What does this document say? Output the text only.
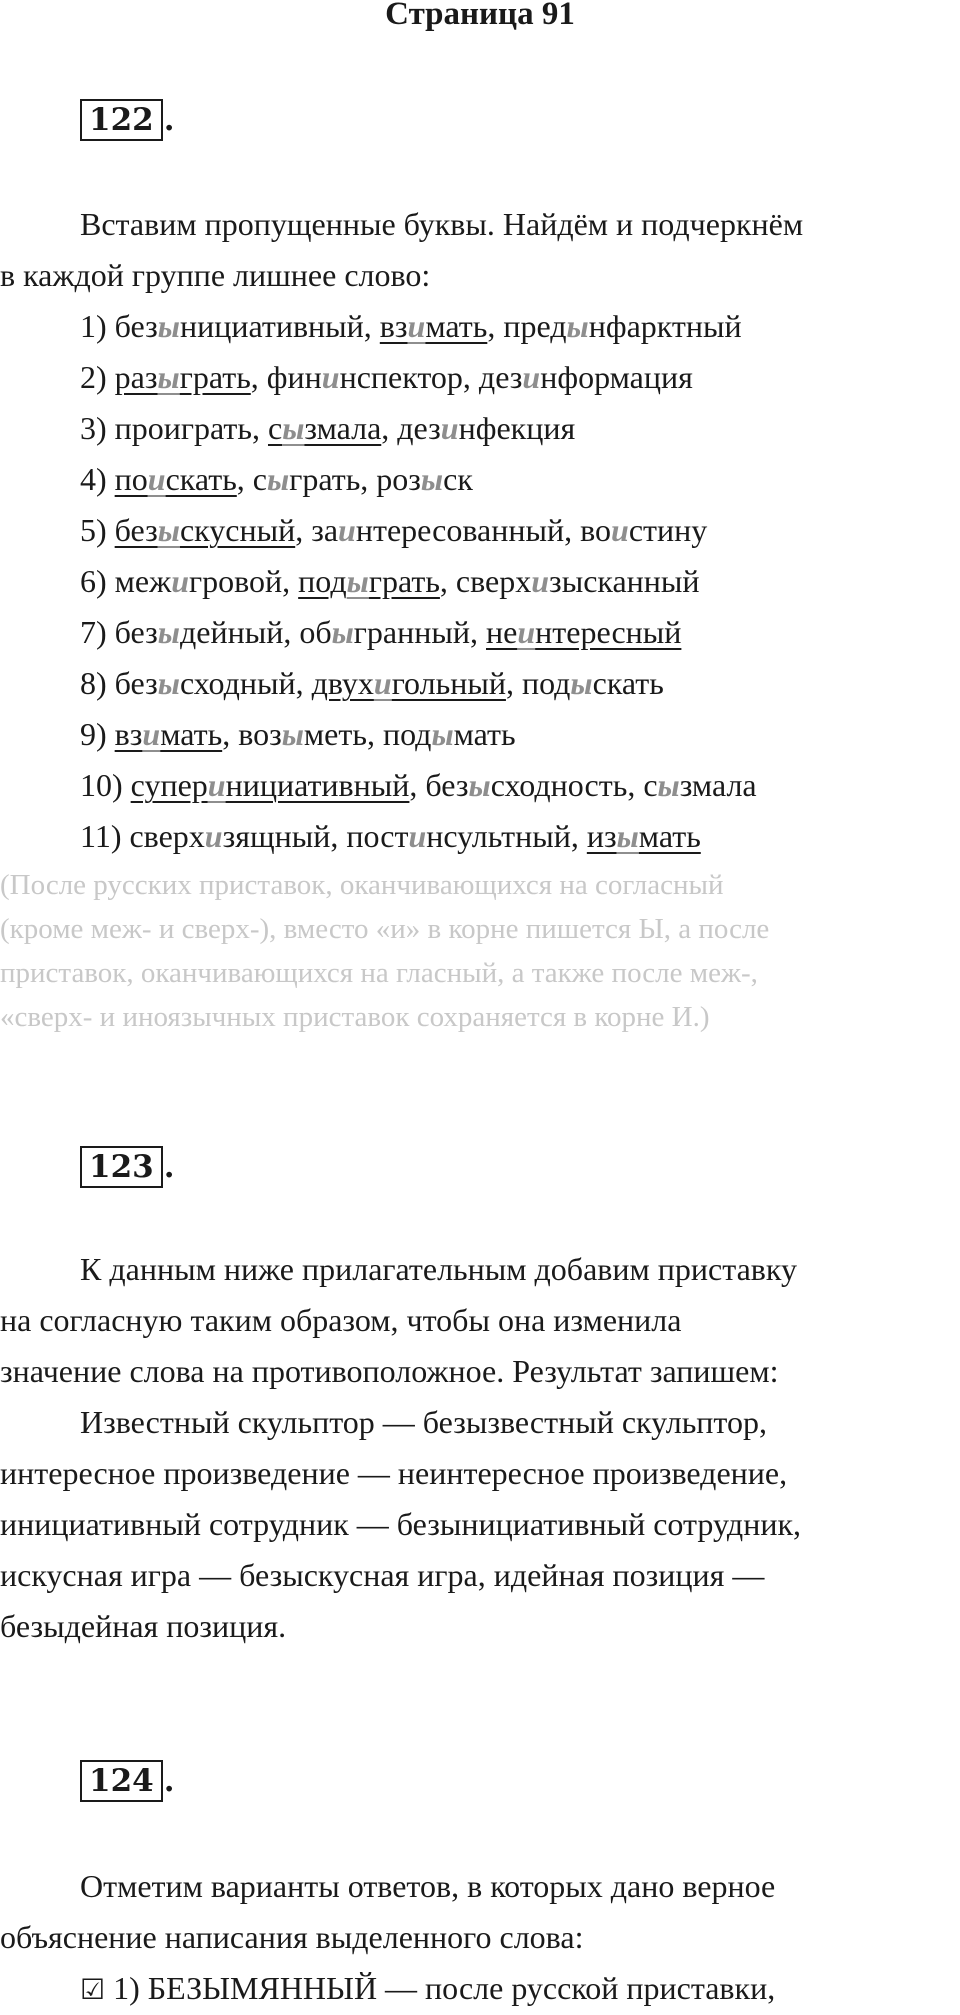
Страница 91
122 .
Вставим пропущенные буквы. Найдём и подчеркнём
в каждой группе лишнее слово:
1) безынициативный, взимать, предынфарктный
2) разыграть, фининспектор, дезинформация
3) проиграть, сызмала, дезинфекция
4) поискать, сыграть, розыск
5) безыскусный, заинтересованный, воистину
6) межигровой, подыграть, сверхизысканный
7) безыдейный, обыгранный, неинтересный
8) безысходный, двухигольный, подыскать
9) взимать, возыметь, подымать
10) суперинициативный, безысходность, сызмала
11) сверхизящный, постинсультный, изымать
(После русских приставок, оканчивающихся на согласный
(кроме меж- и сверх-), вместо «и» в корне пишется Ы, а после
приставок, оканчивающихся на гласный, а также после меж-,
«сверх- и иноязычных приставок сохраняется в корне И.)
123 .
К данным ниже прилагательным добавим приставку
на согласную таким образом, чтобы она изменила
значение слова на противоположное. Результат запишем:
Известный скульптор — безызвестный скульптор,
интересное произведение — неинтересное произведение,
инициативный сотрудник — безынициативный сотрудник,
искусная игра — безыскусная игра, идейная позиция —
безыдейная позиция.
124 .
Отметим варианты ответов, в которых дано верное
объяснение написания выделенного слова:
☑ 1) БЕЗЫМЯННЫЙ — после русской приставки,
